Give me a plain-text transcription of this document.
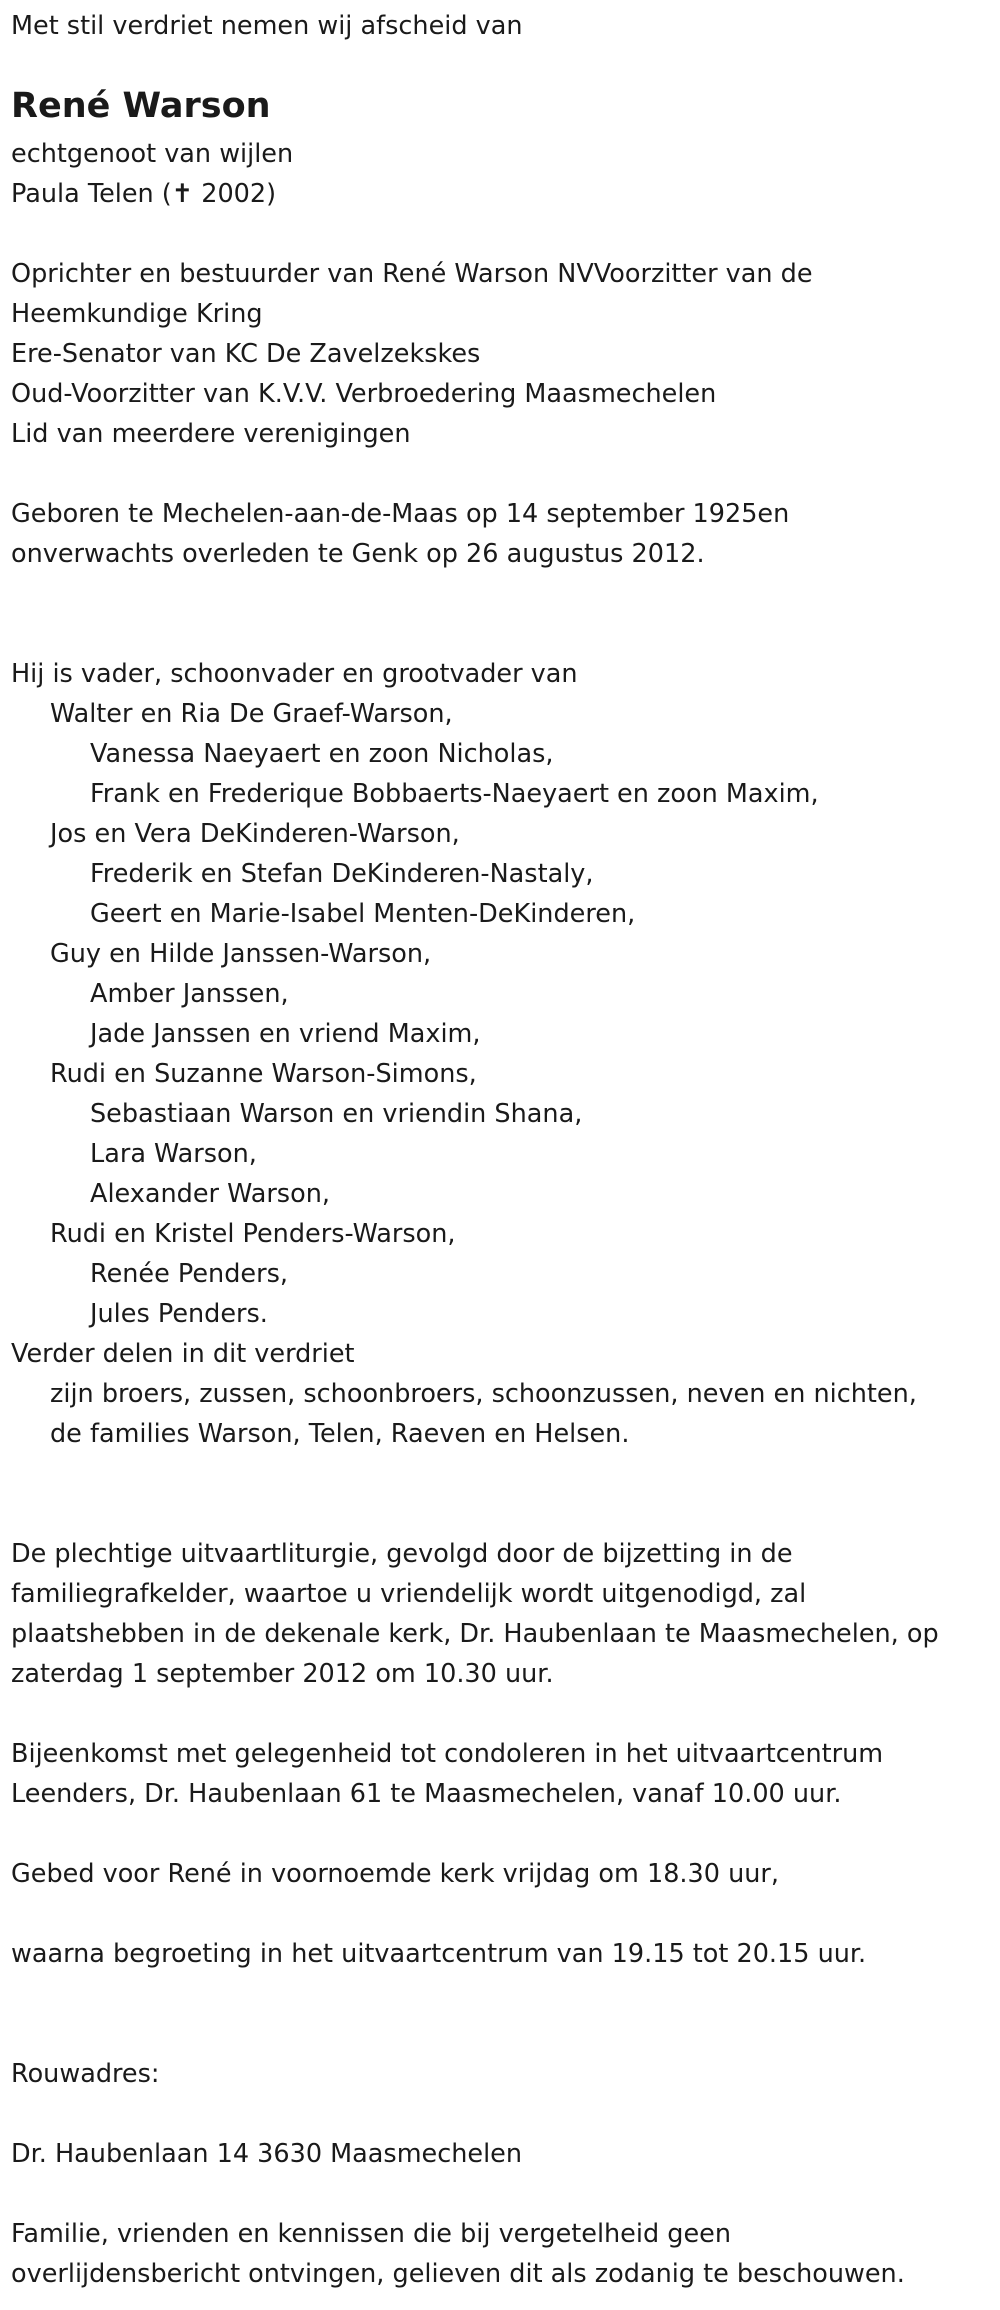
Met stil verdriet nemen wij afscheid van
René Warson
echtgenoot van wijlen
Paula Telen (✝ 2002)
Oprichter en bestuurder van René Warson NVVoorzitter van de
Heemkundige Kring
Ere-Senator van KC De Zavelzekskes
Oud-Voorzitter van K.V.V. Verbroedering Maasmechelen
Lid van meerdere verenigingen
Geboren te Mechelen-aan-de-Maas op 14 september 1925en
onverwachts overleden te Genk op 26 augustus 2012.
Hij is vader, schoonvader en grootvader van
Walter en Ria De Graef-Warson,
Vanessa Naeyaert en zoon Nicholas,
Frank en Frederique Bobbaerts-Naeyaert en zoon Maxim,
Jos en Vera DeKinderen-Warson,
Frederik en Stefan DeKinderen-Nastaly,
Geert en Marie-Isabel Menten-DeKinderen,
Guy en Hilde Janssen-Warson,
Amber Janssen,
Jade Janssen en vriend Maxim,
Rudi en Suzanne Warson-Simons,
Sebastiaan Warson en vriendin Shana,
Lara Warson,
Alexander Warson,
Rudi en Kristel Penders-Warson,
Renée Penders,
Jules Penders.
Verder delen in dit verdriet
zijn broers, zussen, schoonbroers, schoonzussen, neven en nichten,
de families Warson, Telen, Raeven en Helsen.
De plechtige uitvaartliturgie, gevolgd door de bijzetting in de
familiegrafkelder, waartoe u vriendelijk wordt uitgenodigd, zal
plaatshebben in de dekenale kerk, Dr. Haubenlaan te Maasmechelen, op
zaterdag 1 september 2012 om 10.30 uur.
Bijeenkomst met gelegenheid tot condoleren in het uitvaartcentrum
Leenders, Dr. Haubenlaan 61 te Maasmechelen, vanaf 10.00 uur.
Gebed voor René in voornoemde kerk vrijdag om 18.30 uur,
waarna begroeting in het uitvaartcentrum van 19.15 tot 20.15 uur.
Rouwadres:
Dr. Haubenlaan 14 3630 Maasmechelen
Familie, vrienden en kennissen die bij vergetelheid geen
overlijdensbericht ontvingen, gelieven dit als zodanig te beschouwen.
